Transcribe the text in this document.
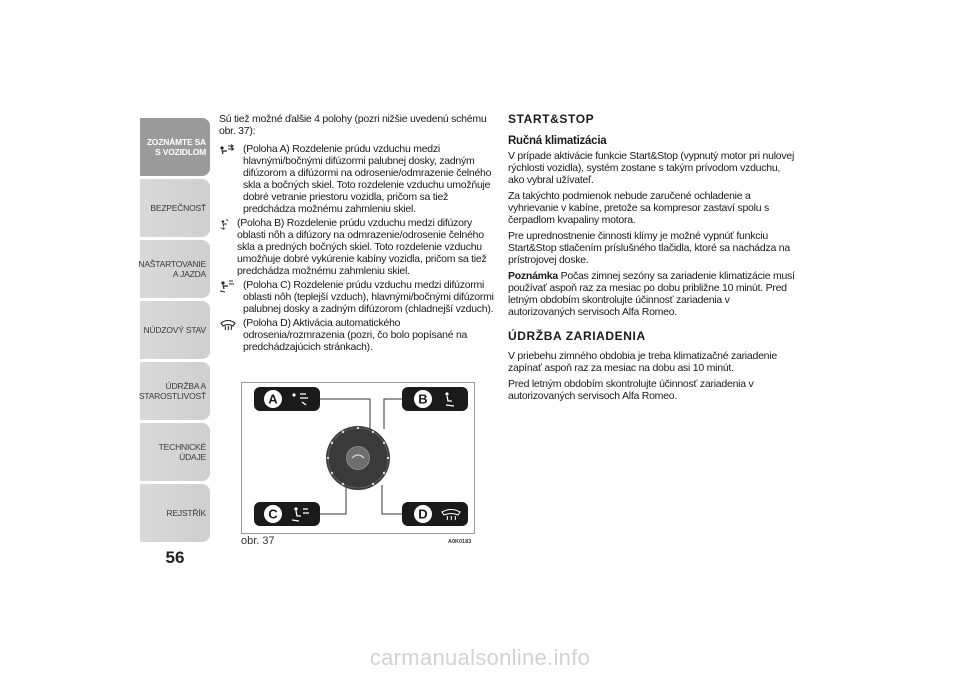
ZOZNÁMTE SA S VOZIDLOM
BEZPEČNOSŤ
NAŠTARTOVANIE A JAZDA
NÚDZOVÝ STAV
ÚDRŽBA A STAROSTLIVOSŤ
TECHNICKÉ ÚDAJE
REJSTŘÍK
56

Sú tiež možné ďalšie 4 polohy (pozri nižšie uvedenú schému obr. 37):

(Poloha A) Rozdelenie prúdu vzduchu medzi hlavnými/bočnými difúzormi palubnej dosky, zadným difúzorom a difúzormi na odrosenie/odmrazenie čelného skla a bočných skiel. Toto rozdelenie vzduchu umožňuje dobré vetranie priestoru vozidla, pričom sa tiež predchádza možnému zahmleniu skiel.
(Poloha B) Rozdelenie prúdu vzduchu medzi difúzory oblasti nôh a difúzory na odmrazenie/odrosenie čelného skla a predných bočných skiel. Toto rozdelenie vzduchu umožňuje dobré vykúrenie kabíny vozidla, pričom sa tiež predchádza možnému zahmleniu skiel.
(Poloha C) Rozdelenie prúdu vzduchu medzi difúzormi oblasti nôh (teplejší vzduch), hlavnými/bočnými difúzormi palubnej dosky a zadným difúzorom (chladnejší vzduch).
(Poloha D) Aktivácia automatického odrosenia/rozmrazenia (pozri, čo bolo popísané na predchádzajúcich stránkach).
A	B
C	D
obr. 37	A0K0183
START&STOP
Ručná klimatizácia

V prípade aktivácie funkcie Start&Stop (vypnutý motor pri nulovej rýchlosti vozidla), systém zostane s takým prívodom vzduchu, ako vybral užívateľ.

Za takýchto podmienok nebude zaručené ochladenie a vyhrievanie v kabíne, pretože sa kompresor zastaví spolu s čerpadlom kvapaliny motora.

Pre uprednostnenie činnosti klímy je možné vypnúť funkciu Start&Stop stlačením príslušného tlačidla, ktoré sa nachádza na prístrojovej doske.

Poznámka Počas zimnej sezóny sa zariadenie klimatizácie musí používať aspoň raz za mesiac po dobu približne 10 minút. Pred letným obdobím skontrolujte účinnosť zariadenia v autorizovaných servisoch Alfa Romeo.

ÚDRŽBA ZARIADENIA

V priebehu zimného obdobia je treba klimatizačné zariadenie zapínať aspoň raz za mesiac na dobu asi 10 minút.

Pred letným obdobím skontrolujte účinnosť zariadenia v autorizovaných servisoch Alfa Romeo.

carmanualsonline.info
